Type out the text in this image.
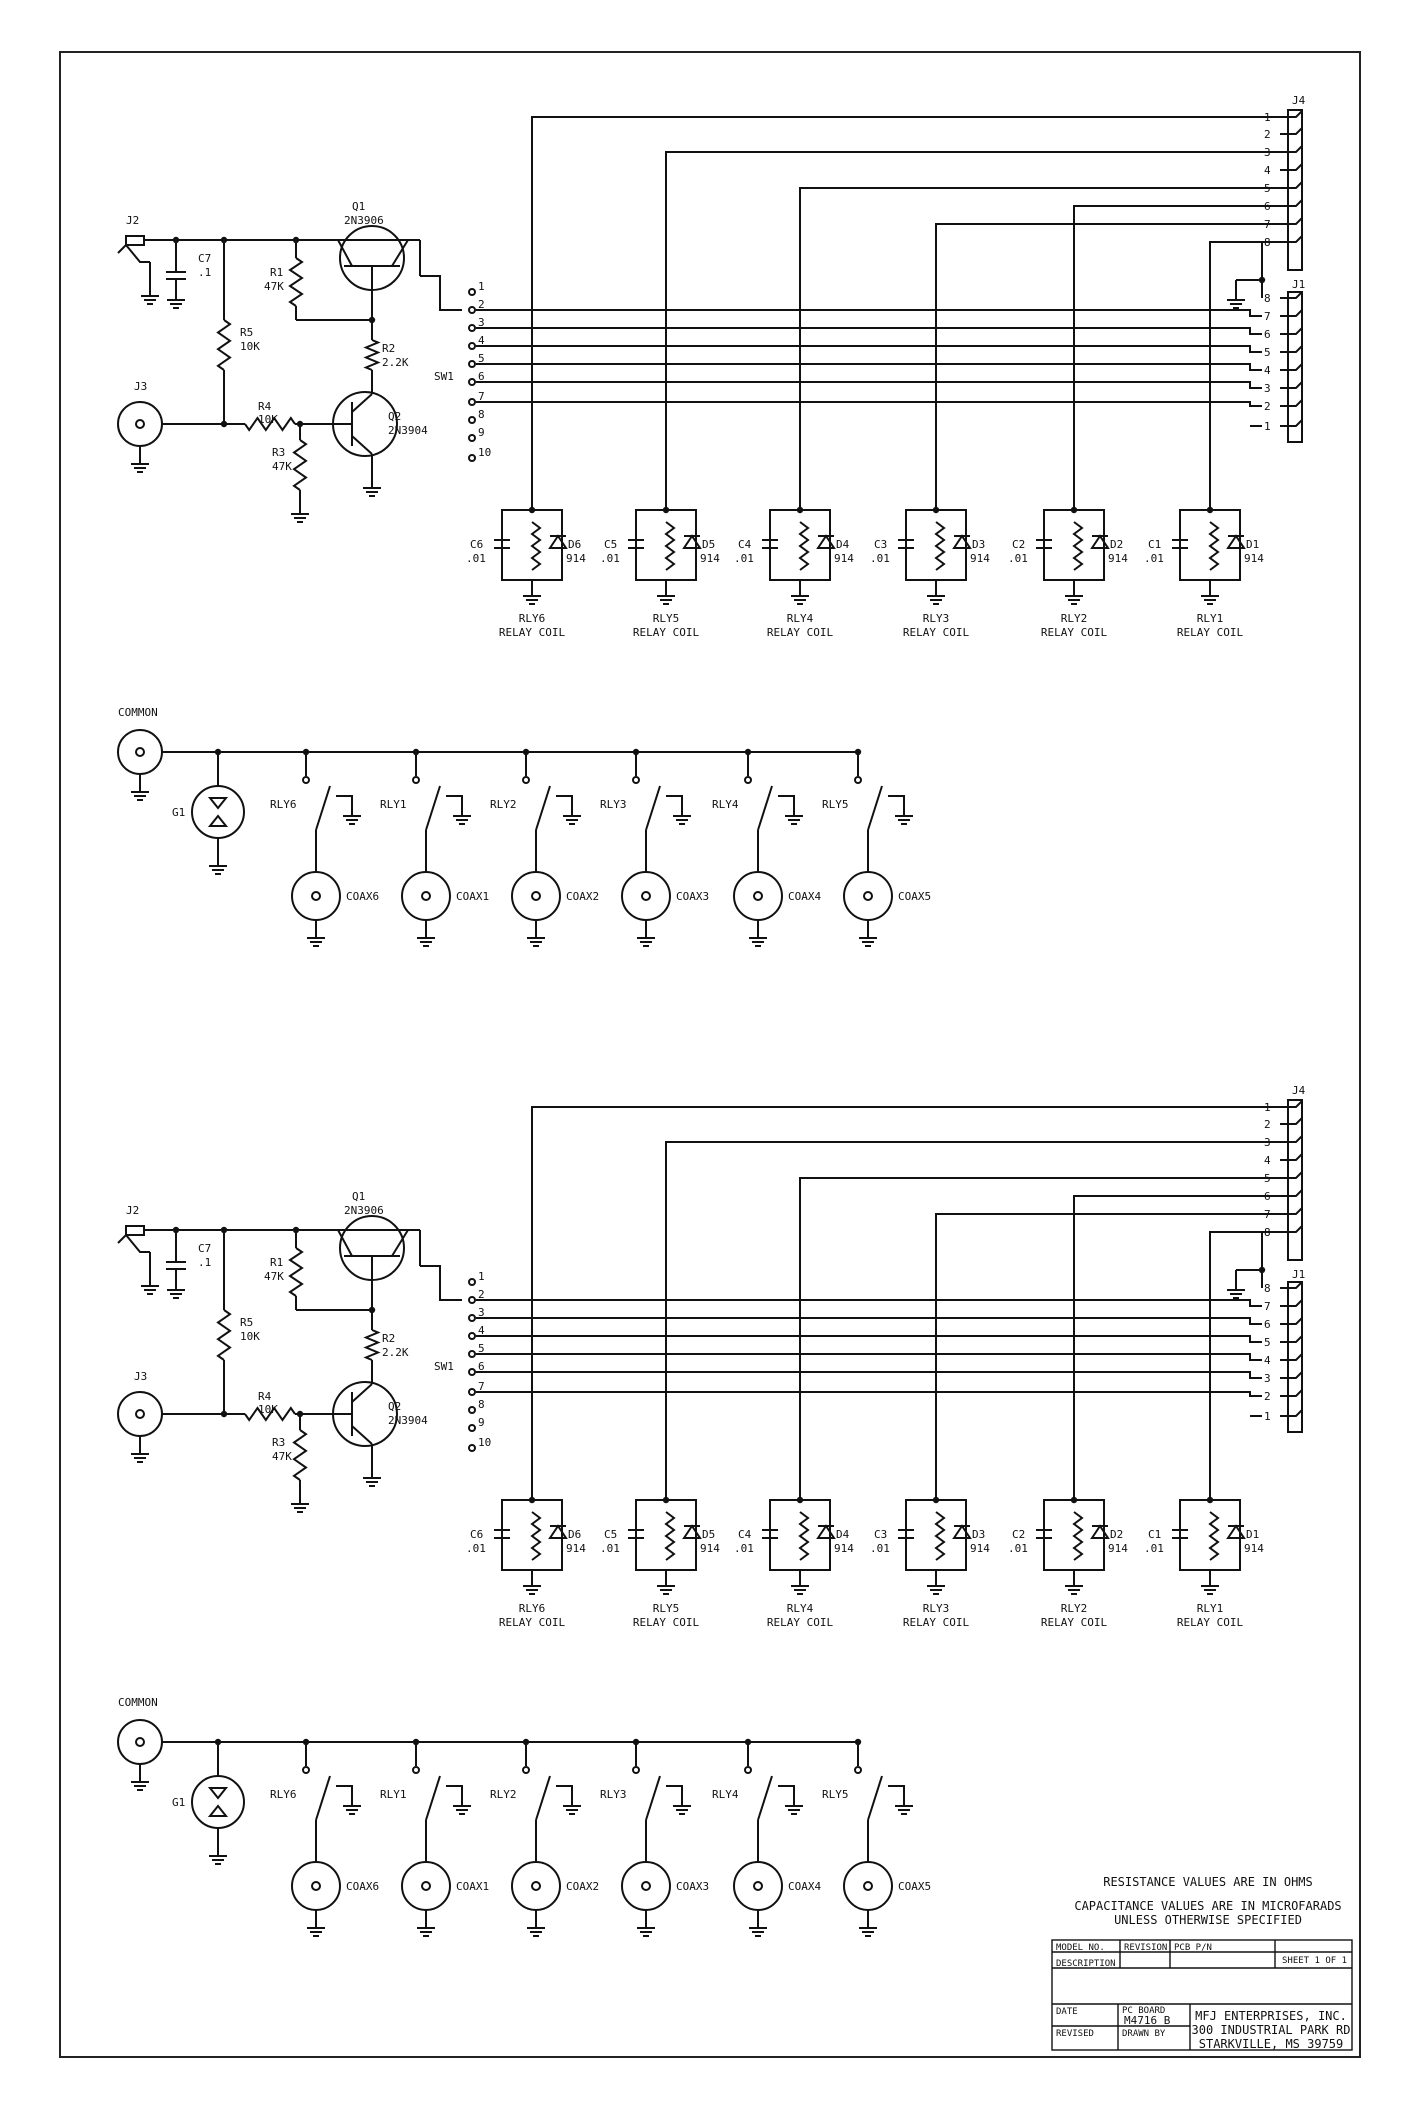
J2
C7
.1
R5
10K
J3
R4
10K
R3
47K
Q2
2N3904
R2
2.2K
Q1
2N3906
R1
47K
SW1
1
2
3
4
5
6
7
8
9
10
J4
1
2
3
4
5
6
7
8
J1
8
7
6
5
4
3
2
1
C6
.01
D6
914
RLY6
RELAY COIL
C5
.01
D5
914
RLY5
RELAY COIL
C4
.01
D4
914
RLY4
RELAY COIL
C3
.01
D3
914
RLY3
RELAY COIL
C2
.01
D2
914
RLY2
RELAY COIL
C1
.01
D1
914
RLY1
RELAY COIL
COMMON
G1
RLY6
COAX6
RLY1
COAX1
RLY2
COAX2
RLY3
COAX3
RLY4
COAX4
RLY5
COAX5
J2
C7
.1
R5
10K
J3
R4
10K
R3
47K
Q2
2N3904
R2
2.2K
Q1
2N3906
R1
47K
SW1
1
2
3
4
5
6
7
8
9
10
J4
1
2
3
4
5
6
7
8
J1
8
7
6
5
4
3
2
1
C6
.01
D6
914
RLY6
RELAY COIL
C5
.01
D5
914
RLY5
RELAY COIL
C4
.01
D4
914
RLY4
RELAY COIL
C3
.01
D3
914
RLY3
RELAY COIL
C2
.01
D2
914
RLY2
RELAY COIL
C1
.01
D1
914
RLY1
RELAY COIL
COMMON
G1
RLY6
COAX6
RLY1
COAX1
RLY2
COAX2
RLY3
COAX3
RLY4
COAX4
RLY5
COAX5	RESISTANCE VALUES ARE IN OHMS
CAPACITANCE VALUES ARE IN MICROFARADS
UNLESS OTHERWISE SPECIFIED
MODEL NO. REVISION PCB P/N
SHEET 1 OF 1
DESCRIPTION
DATE
REVISED
PC BOARD
M4716_B
DRAWN BY
MFJ ENTERPRISES, INC.
300 INDUSTRIAL PARK RD
STARKVILLE, MS 39759
